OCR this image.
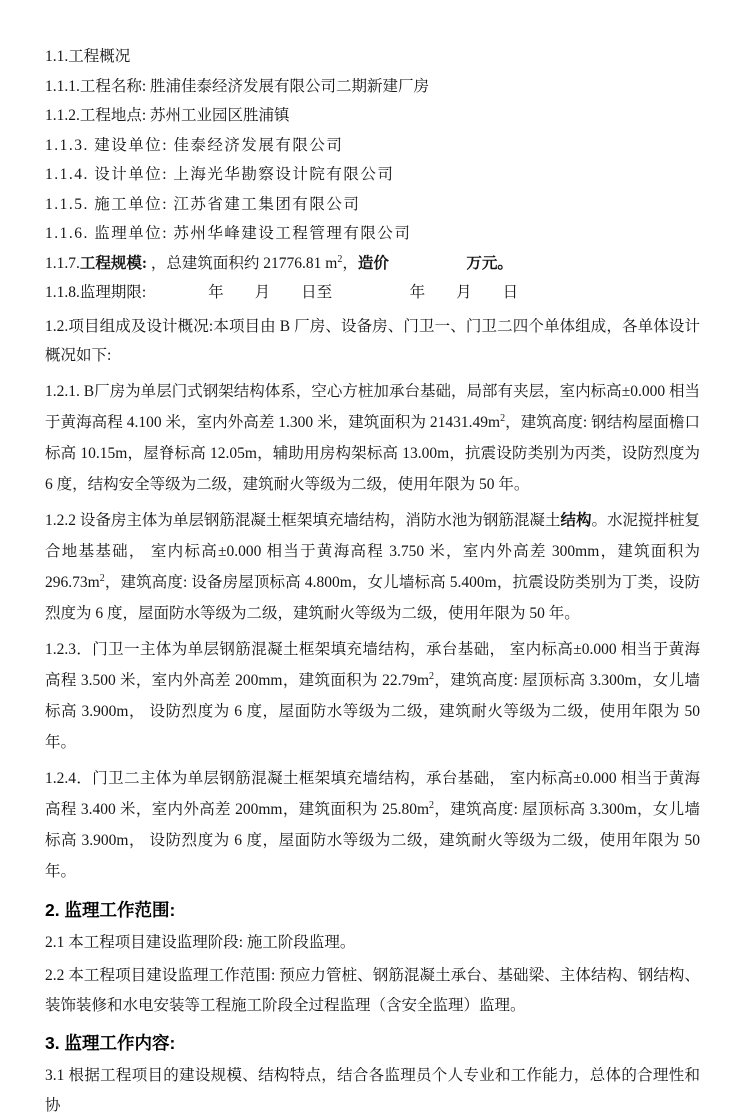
1.1.工程概况

1.1.1.工程名称: 胜浦佳泰经济发展有限公司二期新建厂房

1.1.2.工程地点: 苏州工业园区胜浦镇

1.1.3. 建设单位: 佳泰经济发展有限公司

1.1.4. 设计单位: 上海光华勘察设计院有限公司

1.1.5. 施工单位: 江苏省建工集团有限公司

1.1.6. 监理单位: 苏州华峰建设工程管理有限公司

1.1.7.工程规模: ，总建筑面积约 21776.81 $m^2$，造价　　　　　	万元。

1.1.8.监理期限:　　　　年　　月　　日至　　　　　年　　月　　日

1.2.项目组成及设计概况:本项目由 B 厂房、设备房、门卫一、门卫二四个单体组成，各单体设计概况如下:

1.2.1. B厂房为单层门式钢架结构体系，空心方桩加承台基础，局部有夹层，室内标高±0.000 相当于黄海高程 4.100 米，室内外高差 1.300 米，建筑面积为 $21431.49m^2$，建筑高度: 钢结构屋面檐口标高 10.15m，屋脊标高 12.05m，辅助用房构架标高 13.00m，抗震设防类别为丙类，设防烈度为 6 度，结构安全等级为二级，建筑耐火等级为二级，使用年限为 50 年。

1.2.2 设备房主体为单层钢筋混凝土框架填充墙结构，消防水池为钢筋混凝土结构。水泥搅拌桩复合地基基础， 室内标高±0.000 相当于黄海高程 3.750 米，室内外高差 300mm，建筑面积为 $296.73m^2$，建筑高度: 设备房屋顶标高 4.800m，女儿墙标高 5.400m，抗震设防类别为丁类，设防烈度为 6 度，屋面防水等级为二级，建筑耐火等级为二级，使用年限为 50 年。

1.2.3．门卫一主体为单层钢筋混凝土框架填充墙结构，承台基础， 室内标高±0.000 相当于黄海高程 3.500 米，室内外高差 200mm，建筑面积为 $22.79m^2$，建筑高度: 屋顶标高 3.300m，女儿墙标高 3.900m， 设防烈度为 6 度，屋面防水等级为二级，建筑耐火等级为二级，使用年限为 50 年。

1.2.4．门卫二主体为单层钢筋混凝土框架填充墙结构，承台基础， 室内标高±0.000 相当于黄海高程 3.400 米，室内外高差 200mm，建筑面积为 $25.80m^2$，建筑高度: 屋顶标高 3.300m，女儿墙标高 3.900m， 设防烈度为 6 度，屋面防水等级为二级，建筑耐火等级为二级，使用年限为 50 年。

2. 监理工作范围:

2.1 本工程项目建设监理阶段: 施工阶段监理。

2.2 本工程项目建设监理工作范围: 预应力管桩、钢筋混凝土承台、基础梁、主体结构、钢结构、装饰装修和水电安装等工程施工阶段全过程监理（含安全监理）监理。

3. 监理工作内容:

3.1 根据工程项目的建设规模、结构特点，结合各监理员个人专业和工作能力，总体的合理性和协
